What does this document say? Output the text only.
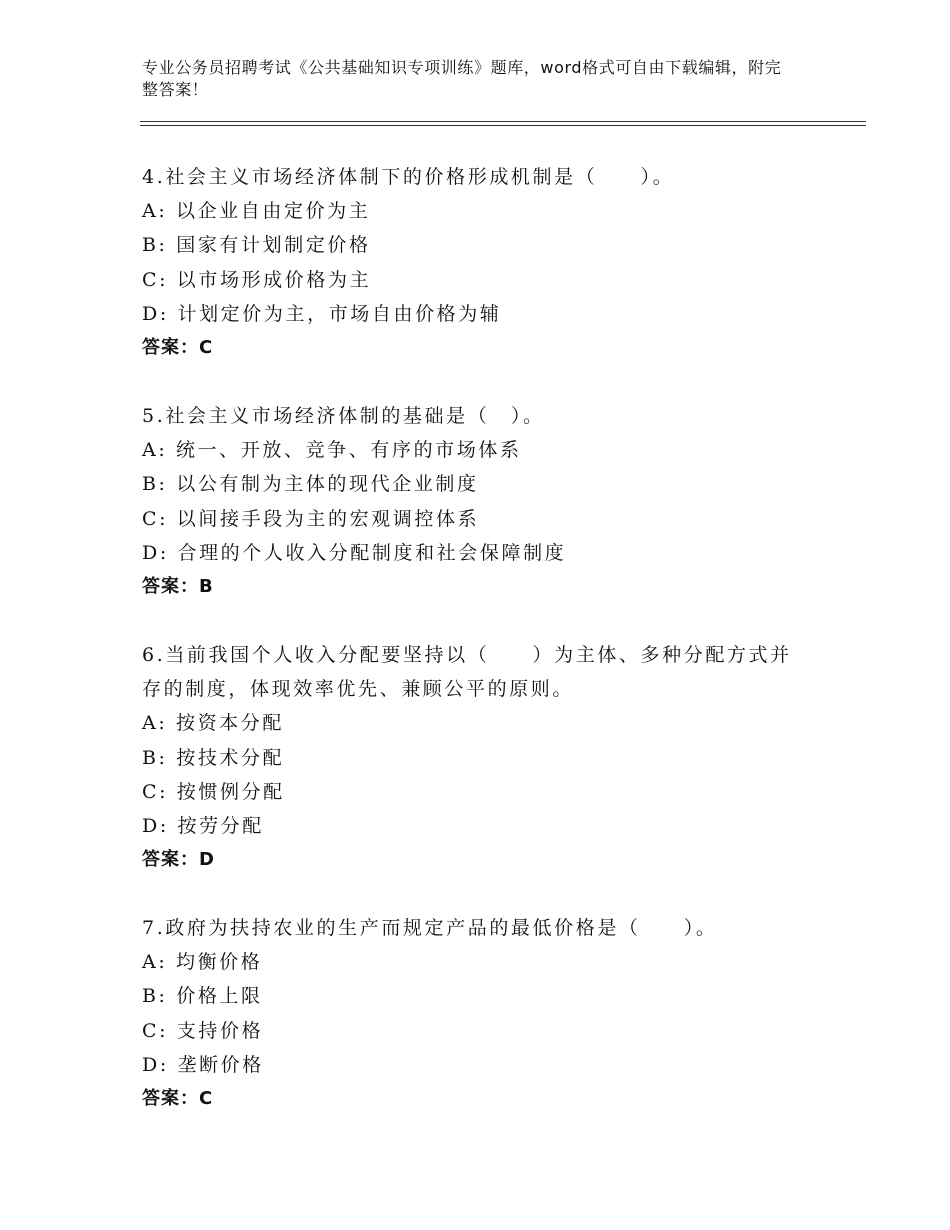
专业公务员招聘考试《公共基础知识专项训练》题库，word格式可自由下载编辑，附完整答案！
4.社会主义市场经济体制下的价格形成机制是（　　）。
A: 以企业自由定价为主
B: 国家有计划制定价格
C: 以市场形成价格为主
D: 计划定价为主，市场自由价格为辅
答案：C
5.社会主义市场经济体制的基础是（　）。
A: 统一、开放、竞争、有序的市场体系
B: 以公有制为主体的现代企业制度
C: 以间接手段为主的宏观调控体系
D: 合理的个人收入分配制度和社会保障制度
答案：B
6.当前我国个人收入分配要坚持以（　　）为主体、多种分配方式并存的制度，体现效率优先、兼顾公平的原则。
A: 按资本分配
B: 按技术分配
C: 按惯例分配
D: 按劳分配
答案：D
7.政府为扶持农业的生产而规定产品的最低价格是（　　）。
A: 均衡价格
B: 价格上限
C: 支持价格
D: 垄断价格
答案：C
